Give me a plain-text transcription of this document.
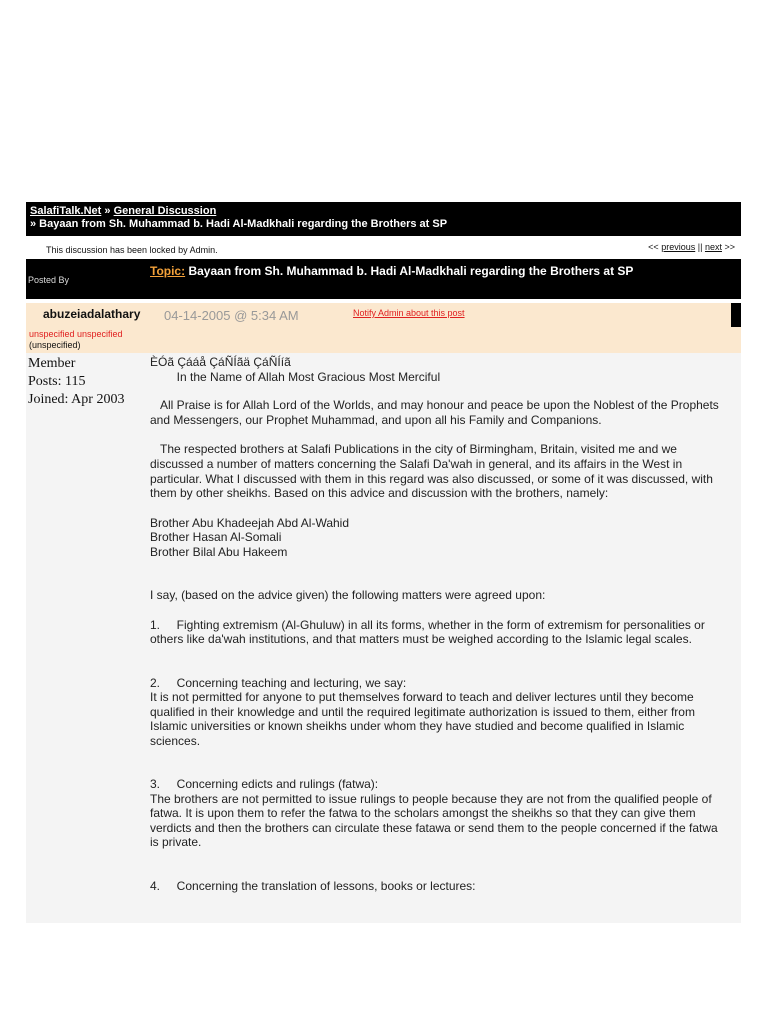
SalafiTalk.Net » General Discussion
» Bayaan from Sh. Muhammad b. Hadi Al-Madkhali regarding the Brothers at SP
This discussion has been locked by Admin.	<< previous || next >>
Posted By
Topic: Bayaan from Sh. Muhammad b. Hadi Al-Madkhali regarding the Brothers at SP
abuzeiadalathary 04-14-2005 @ 5:34 AM	Notify Admin about this post
unspecified unspecified
(unspecified)
Member
Posts: 115
Joined: Apr 2003

ÈÓã Çááå ÇáÑÍãä ÇáÑÍíã
In the Name of Allah Most Gracious Most Merciful

All Praise is for Allah Lord of the Worlds, and may honour and peace be upon the Noblest of the Prophets and Messengers, our Prophet Muhammad, and upon all his Family and Companions.

The respected brothers at Salafi Publications in the city of Birmingham, Britain, visited me and we discussed a number of matters concerning the Salafi Da'wah in general, and its affairs in the West in particular. What I discussed with them in this regard was also discussed, or some of it was discussed, with them by other sheikhs. Based on this advice and discussion with the brothers, namely:

Brother Abu Khadeejah Abd Al-Wahid
Brother Hasan Al-Somali
Brother Bilal Abu Hakeem

I say, (based on the advice given) the following matters were agreed upon:

1.     Fighting extremism (Al-Ghuluw) in all its forms, whether in the form of extremism for personalities or others like da'wah institutions, and that matters must be weighed according to the Islamic legal scales.

2.     Concerning teaching and lecturing, we say:
It is not permitted for anyone to put themselves forward to teach and deliver lectures until they become qualified in their knowledge and until the required legitimate authorization is issued to them, either from Islamic universities or known sheikhs under whom they have studied and become qualified in Islamic sciences.

3.     Concerning edicts and rulings (fatwa):
The brothers are not permitted to issue rulings to people because they are not from the qualified people of fatwa. It is upon them to refer the fatwa to the scholars amongst the sheikhs so that they can give them verdicts and then the brothers can circulate these fatawa or send them to the people concerned if the fatwa is private.

4.     Concerning the translation of lessons, books or lectures:
